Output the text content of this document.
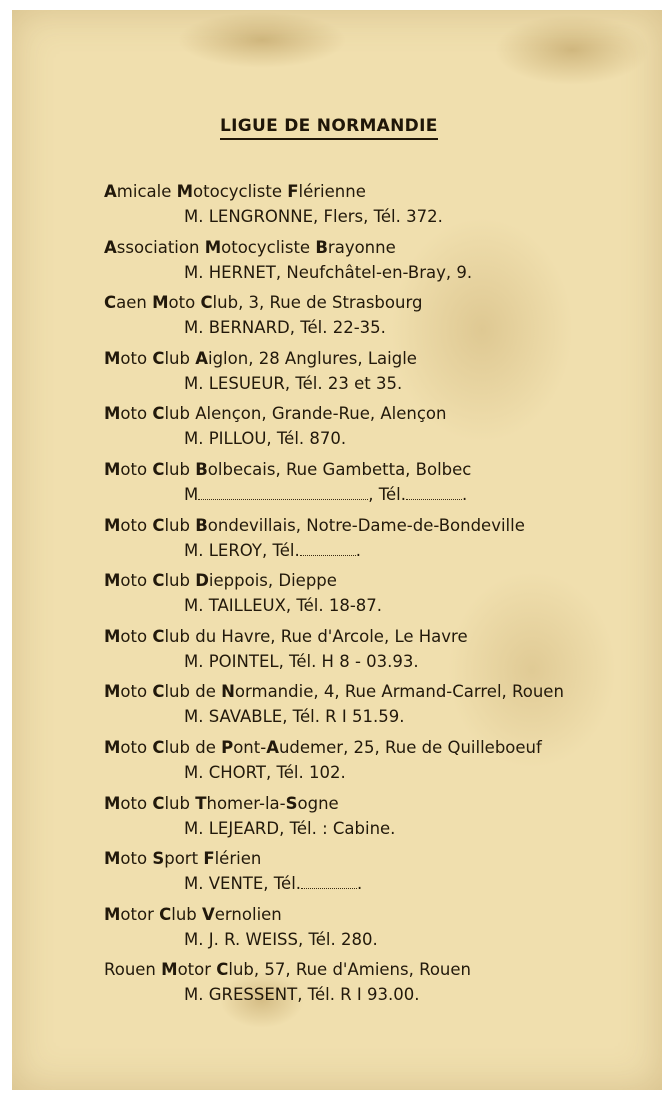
LIGUE DE NORMANDIE
Amicale Motocycliste Flérienne
M. LENGRONNE, Flers, Tél. 372.
Association Motocycliste Brayonne
M. HERNET, Neufchâtel-en-Bray, 9.
Caen Moto Club, 3, Rue de Strasbourg
M. BERNARD, Tél. 22-35.
Moto Club Aiglon, 28 Anglures, Laigle
M. LESUEUR, Tél. 23 et 35.
Moto Club Alençon, Grande-Rue, Alençon
M. PILLOU, Tél. 870.
Moto Club Bolbecais, Rue Gambetta, Bolbec
M	, Tél.	.
Moto Club Bondevillais, Notre-Dame-de-Bondeville
M. LEROY, Tél.	.
Moto Club Dieppois, Dieppe
M. TAILLEUX, Tél. 18-87.
Moto Club du Havre, Rue d'Arcole, Le Havre
M. POINTEL, Tél. H 8 - 03.93.
Moto Club de Normandie, 4, Rue Armand-Carrel, Rouen
M. SAVABLE, Tél. R I 51.59.
Moto Club de Pont-Audemer, 25, Rue de Quilleboeuf
M. CHORT, Tél. 102.
Moto Club Thomer-la-Sogne
M. LEJEARD, Tél. : Cabine.
Moto Sport Flérien
M. VENTE, Tél.	.
Motor Club Vernolien
M. J. R. WEISS, Tél. 280.
Rouen Motor Club, 57, Rue d'Amiens, Rouen
M. GRESSENT, Tél. R I 93.00.
